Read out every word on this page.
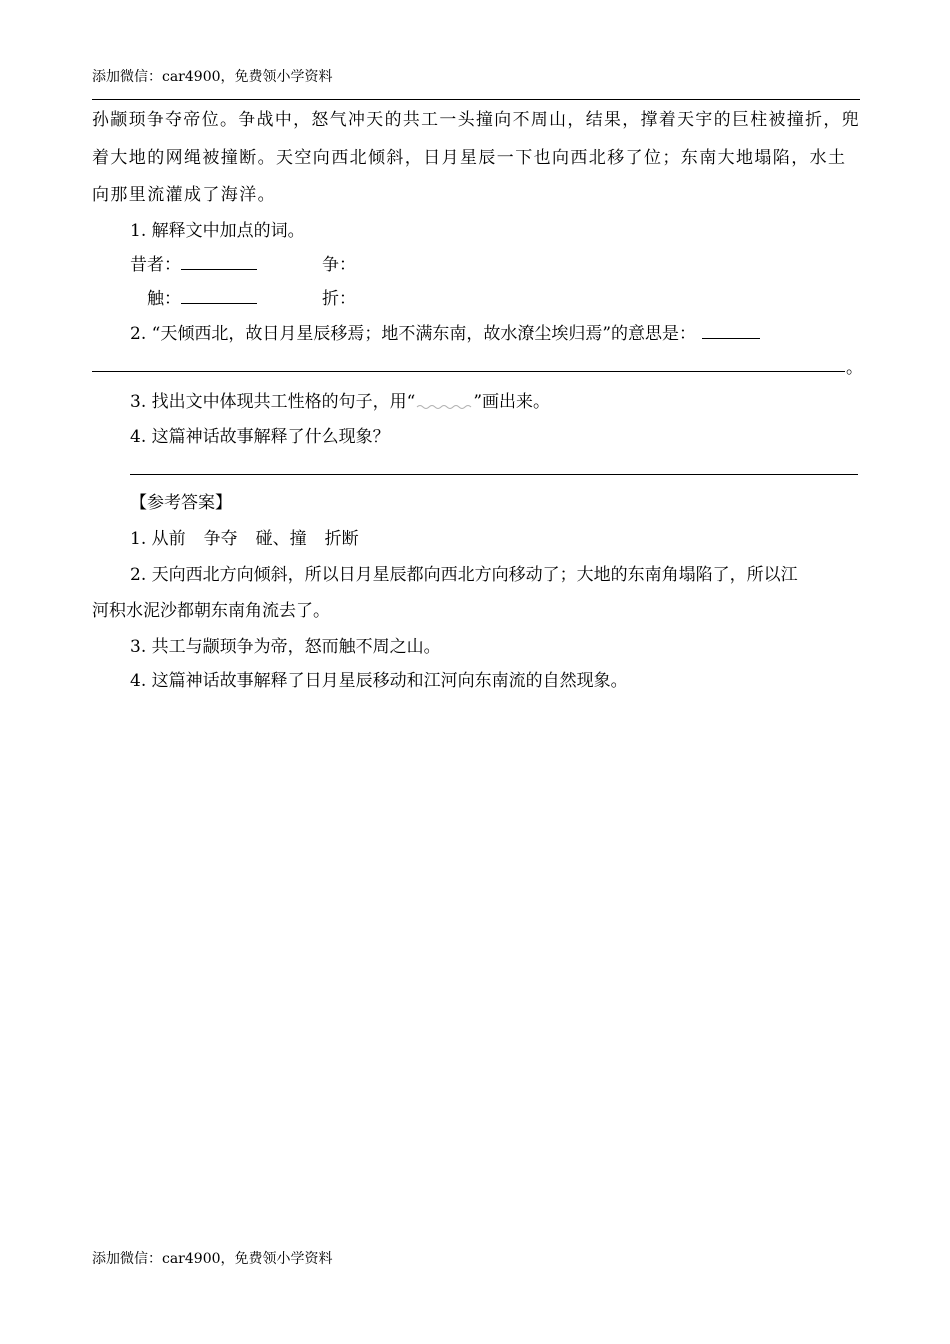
添加微信：car4900，免费领小学资料
孙颛顼争夺帝位。争战中，怒气冲天的共工一头撞向不周山，结果，撑着天宇的巨柱被撞折，兜
着大地的网绳被撞断。天空向西北倾斜，日月星辰一下也向西北移了位；东南大地塌陷，水土
向那里流灌成了海洋。
1. 解释文中加点的词。
昔者：	争：
触：	折：
2. “天倾西北，故日月星辰移焉；地不满东南，故水潦尘埃归焉”的意思是：
。
3. 找出文中体现共工性格的句子，用“	”画出来。
4. 这篇神话故事解释了什么现象？
【参考答案】
1. 从前 争夺 碰、撞 折断
2. 天向西北方向倾斜，所以日月星辰都向西北方向移动了；大地的东南角塌陷了，所以江
河积水泥沙都朝东南角流去了。
3. 共工与颛顼争为帝，怒而触不周之山。
4. 这篇神话故事解释了日月星辰移动和江河向东南流的自然现象。
添加微信：car4900，免费领小学资料
